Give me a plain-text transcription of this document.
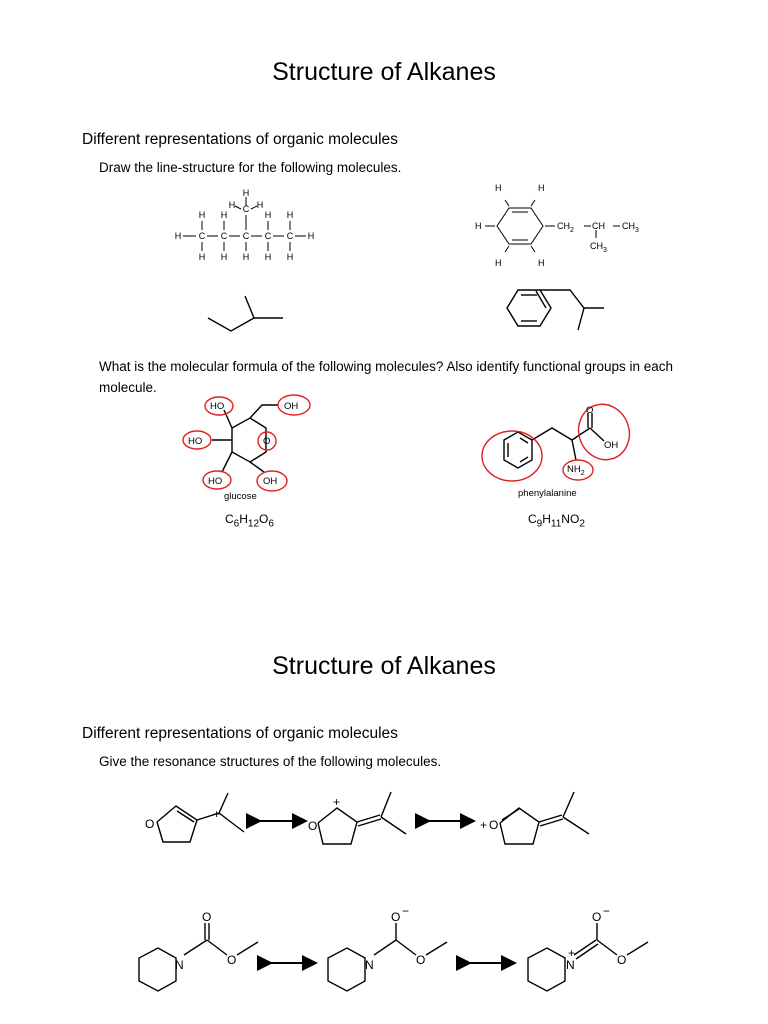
Structure of Alkanes
Different representations of organic molecules
Draw the line-structure for the following molecules.
What is the molecular formula of the following molecules? Also identify functional groups in each molecule.
$C_6H_{12}O_6$	$C_9H_{11}NO_2$
Structure of Alkanes
Different representations of organic molecules
Give the resonance structures of the following molecules.
H C C C C C H
H H	H H
C
H
H H
H H H H H
H
H	H
H	H
$CH_2$ CH $CH_3$
$CH_3$
HO	OH
HO	O
HO	OH
glucose
O
OH
$NH_2$
phenylalanine
O
+
O
+
+ O
N
O
O	N
O −
O	N
+
O −
O
